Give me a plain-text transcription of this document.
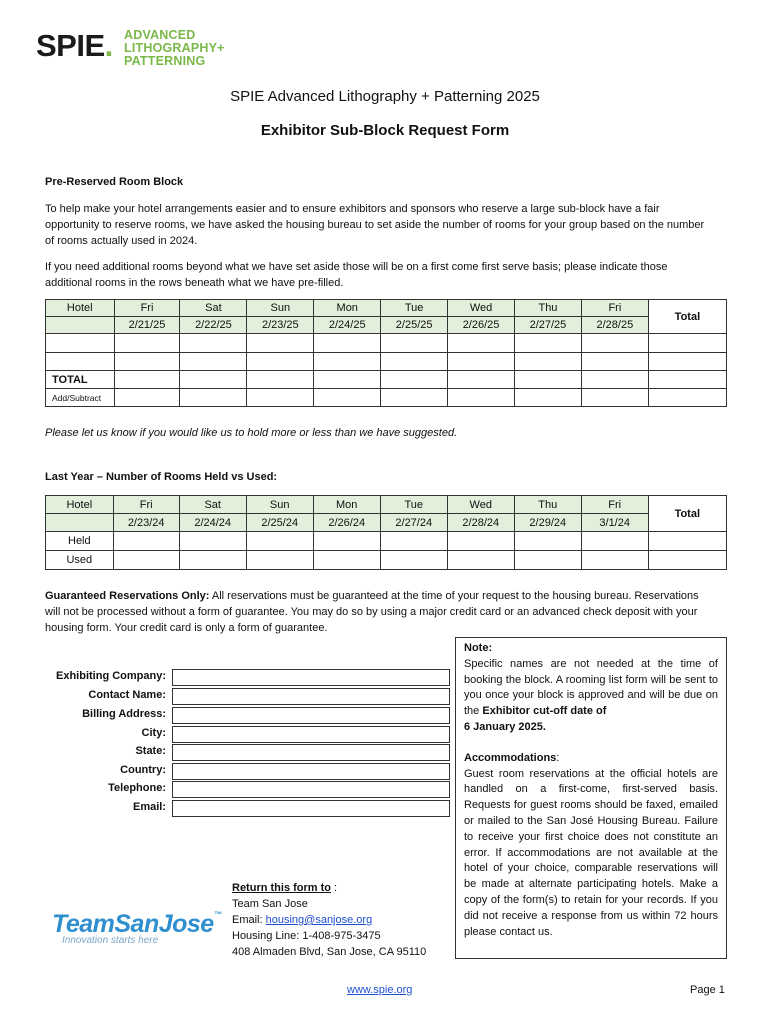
SPIE. ADVANCED
LITHOGRAPHY+
PATTERNING
SPIE Advanced Lithography + Patterning 2025
Exhibitor Sub-Block Request Form
Pre-Reserved Room Block
To help make your hotel arrangements easier and to ensure exhibitors and sponsors who reserve a large sub-block have a fair opportunity to reserve rooms, we have asked the housing bureau to set aside the number of rooms for your group based on the number of rooms actually used in 2024.
If you need additional rooms beyond what we have set aside those will be on a first come first serve basis; please indicate those additional rooms in the rows beneath what we have pre-filled.
Hotel	Fri	Sat	Sun	Mon	Tue	Wed	Thu	Fri	Total
	2/21/25	2/22/25	2/23/25	2/24/25	2/25/25	2/26/25	2/27/25	2/28/25	

TOTAL									
Add/Subtract									
Please let us know if you would like us to hold more or less than we have suggested.
Last Year – Number of Rooms Held vs Used:
Hotel	Fri	Sat	Sun	Mon	Tue	Wed	Thu	Fri	Total
	2/23/24	2/24/24	2/25/24	2/26/24	2/27/24	2/28/24	2/29/24	3/1/24	
Held									
Used									
Guaranteed Reservations Only: All reservations must be guaranteed at the time of your request to the housing bureau. Reservations will not be processed without a form of guarantee. You may do so by using a major credit card or an advanced check deposit with your housing form. Your credit card is only a form of guarantee.
Exhibiting Company:
Contact Name:
Billing Address:
City:
State:
Country:
Telephone:
Email:
Note:
Specific names are not needed at the time of booking the block. A rooming list form will be sent to you once your block is approved and will be due on the Exhibitor cut-off date of
6 January 2025.
Accommodations:
Guest room reservations at the official hotels are handled on a first-come, first-served basis. Requests for guest rooms should be faxed, emailed or mailed to the San José Housing Bureau. Failure to receive your first choice does not constitute an error. If accommodations are not available at the hotel of your choice, comparable reservations will be made at alternate participating hotels. Make a copy of the form(s) to retain for your records. If you did not receive a response from us within 72 hours please contact us.
Return this form to :
Team San Jose
Email: housing@sanjose.org
Housing Line: 1-408-975-3475
408 Almaden Blvd, San Jose, CA 95110
TeamSanJose™
Innovation starts here
www.spie.org	Page 1
